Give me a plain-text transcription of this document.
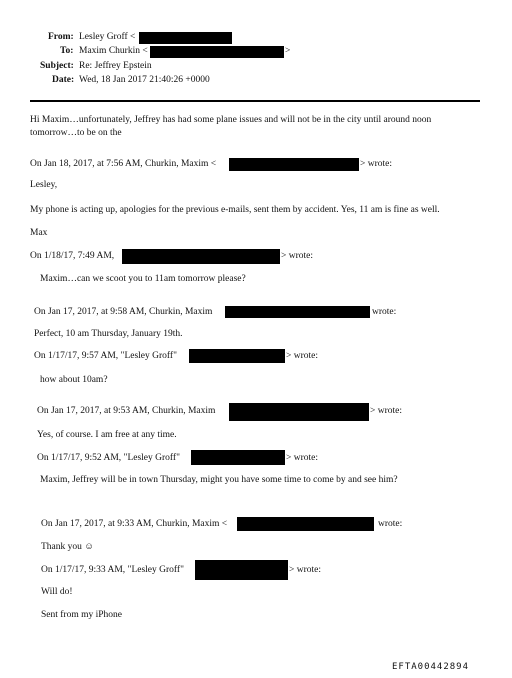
From: Lesley Groff <
To: Maxim Churkin <	>
Subject: Re: Jeffrey Epstein
Date: Wed, 18 Jan 2017 21:40:26 +0000
Hi Maxim…unfortunately, Jeffrey has had some plane issues and will not be in the city until around noon
tomorrow…to be on the
On Jan 18, 2017, at 7:56 AM, Churkin, Maxim <	> wrote:
Lesley,
My phone is acting up, apologies for the previous e-mails, sent them by accident. Yes, 11 am is fine as well.
Max
On 1/18/17, 7:49 AM,	> wrote:
Maxim…can we scoot you to 11am tomorrow please?
On Jan 17, 2017, at 9:58 AM, Churkin, Maxim	wrote:
Perfect, 10 am Thursday, January 19th.
On 1/17/17, 9:57 AM, "Lesley Groff"	> wrote:
how about 10am?
On Jan 17, 2017, at 9:53 AM, Churkin, Maxim	> wrote:
Yes, of course. I am free at any time.
On 1/17/17, 9:52 AM, "Lesley Groff"	> wrote:
Maxim, Jeffrey will be in town Thursday, might you have some time to come by and see him?
On Jan 17, 2017, at 9:33 AM, Churkin, Maxim <	wrote:
Thank you ☺
On 1/17/17, 9:33 AM, "Lesley Groff"	> wrote:
Will do!
Sent from my iPhone
EFTA00442894
